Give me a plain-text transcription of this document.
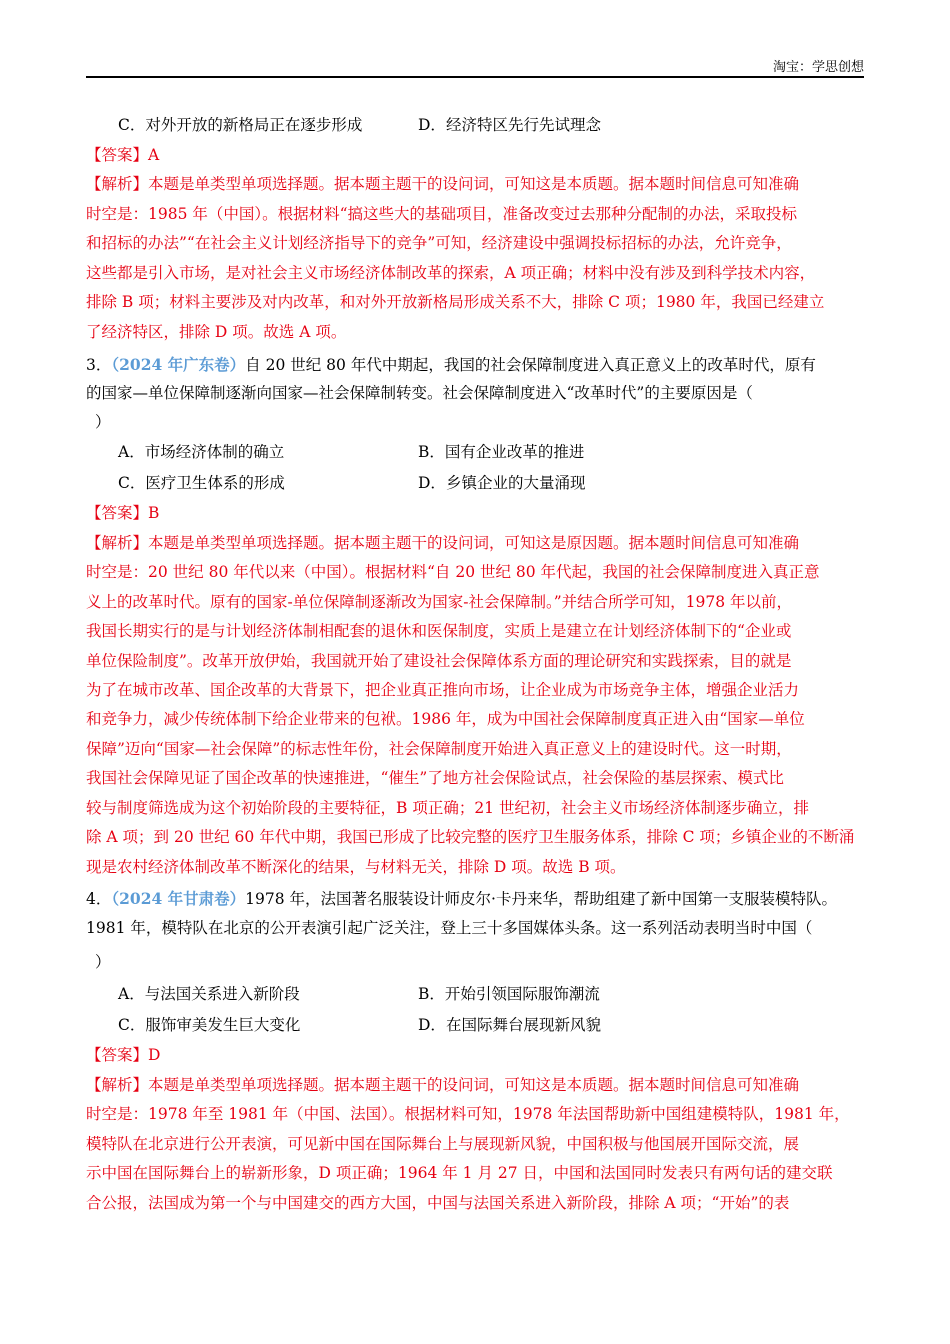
淘宝：学思创想
C．对外开放的新格局正在逐步形成	D．经济特区先行先试理念
【答案】A
【解析】本题是单类型单项选择题。据本题主题干的设问词，可知这是本质题。据本题时间信息可知准确
时空是：1985 年（中国）。根据材料“搞这些大的基础项目，准备改变过去那种分配制的办法，采取投标
和招标的办法”“在社会主义计划经济指导下的竞争”可知，经济建设中强调投标招标的办法，允许竞争，
这些都是引入市场，是对社会主义市场经济体制改革的探索，A 项正确；材料中没有涉及到科学技术内容，
排除 B 项；材料主要涉及对内改革，和对外开放新格局形成关系不大，排除 C 项；1980 年，我国已经建立
了经济特区，排除 D 项。故选 A 项。
3．（2024 年广东卷）自 20 世纪 80 年代中期起，我国的社会保障制度进入真正意义上的改革时代，原有
的国家—单位保障制逐渐向国家—社会保障制转变。社会保障制度进入“改革时代”的主要原因是（
）
A．市场经济体制的确立	B．国有企业改革的推进
C．医疗卫生体系的形成	D．乡镇企业的大量涌现
【答案】B
【解析】本题是单类型单项选择题。据本题主题干的设问词，可知这是原因题。据本题时间信息可知准确
时空是：20 世纪 80 年代以来（中国）。根据材料“自 20 世纪 80 年代起，我国的社会保障制度进入真正意
义上的改革时代。原有的国家-单位保障制逐渐改为国家-社会保障制。”并结合所学可知，1978 年以前，
我国长期实行的是与计划经济体制相配套的退休和医保制度，实质上是建立在计划经济体制下的“企业或
单位保险制度”。改革开放伊始，我国就开始了建设社会保障体系方面的理论研究和实践探索，目的就是
为了在城市改革、国企改革的大背景下，把企业真正推向市场，让企业成为市场竞争主体，增强企业活力
和竞争力，减少传统体制下给企业带来的包袱。1986 年，成为中国社会保障制度真正进入由“国家—单位
保障”迈向“国家—社会保障”的标志性年份，社会保障制度开始进入真正意义上的建设时代。这一时期，
我国社会保障见证了国企改革的快速推进，“催生”了地方社会保险试点，社会保险的基层探索、模式比
较与制度筛选成为这个初始阶段的主要特征，B 项正确；21 世纪初，社会主义市场经济体制逐步确立，排
除 A 项；到 20 世纪 60 年代中期，我国已形成了比较完整的医疗卫生服务体系，排除 C 项；乡镇企业的不断涌
现是农村经济体制改革不断深化的结果，与材料无关，排除 D 项。故选 B 项。
4．（2024 年甘肃卷）1978 年，法国著名服装设计师皮尔·卡丹来华，帮助组建了新中国第一支服装模特队。
1981 年，模特队在北京的公开表演引起广泛关注，登上三十多国媒体头条。这一系列活动表明当时中国（
）
A．与法国关系进入新阶段	B．开始引领国际服饰潮流
C．服饰审美发生巨大变化	D．在国际舞台展现新风貌
【答案】D
【解析】本题是单类型单项选择题。据本题主题干的设问词，可知这是本质题。据本题时间信息可知准确
时空是：1978 年至 1981 年（中国、法国）。根据材料可知，1978 年法国帮助新中国组建模特队，1981 年，
模特队在北京进行公开表演，可见新中国在国际舞台上与展现新风貌，中国积极与他国展开国际交流，展
示中国在国际舞台上的崭新形象，D 项正确；1964 年 1 月 27 日，中国和法国同时发表只有两句话的建交联
合公报，法国成为第一个与中国建交的西方大国，中国与法国关系进入新阶段，排除 A 项；“开始”的表
